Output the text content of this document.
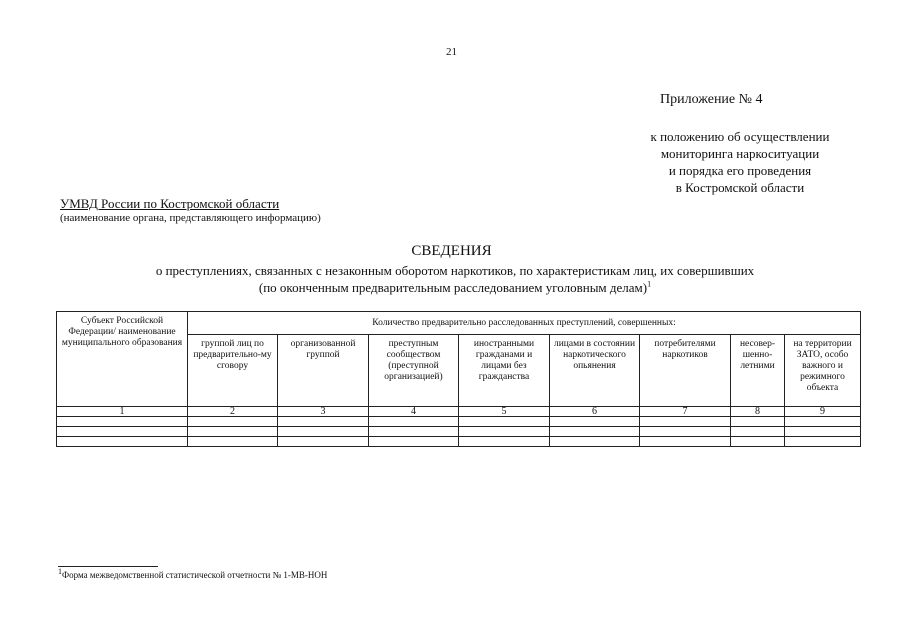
21
Приложение № 4
к положению об осуществлении
мониторинга наркоситуации
и порядка его проведения
в Костромской области
УМВД России по Костромской области
(наименование органа, представляющего информацию)
СВЕДЕНИЯ
о преступлениях, связанных с незаконным оборотом наркотиков, по характеристикам лиц, их совершивших
(по оконченным предварительным расследованием уголовным делам)$^1$
Субъект Российской Федерации/ наименование муниципального образования	Количество предварительно расследованных преступлений, совершенных:							
	группой лиц по предварительно-му сговору	организованной группой	преступным сообществом (преступной организацией)	иностранными гражданами и лицами без гражданства	лицами в состоянии наркотического опьянения	потребителями наркотиков	несовер-шенно-летними	на территории ЗАТО, особо важного и режимного объекта
1	2	3	4	5	6	7	8	9

$^1$Форма межведомственной статистической отчетности № 1-МВ-НОН
